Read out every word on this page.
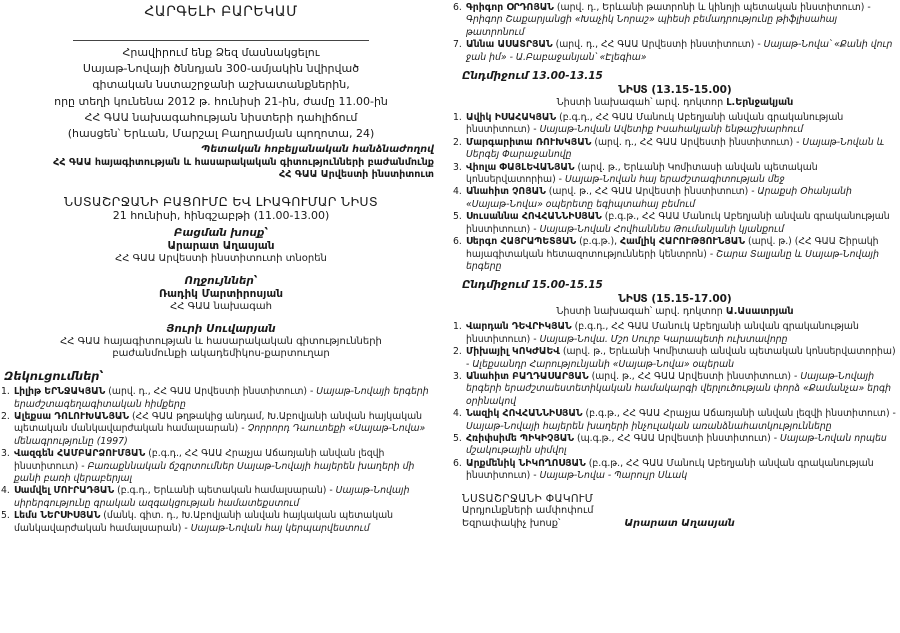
ՀԱՐԳԵԼԻ ԲԱՐԵԿԱՄ
Հրավիրում ենք Ձեզ մասնակցելու
Սայաթ-Նովայի ծննդյան 300-ամյակին նվիրված
գիտական նստաշրջանի աշխատանքներին,
որը տեղի կունենա 2012 թ. հունիսի 21-ին, ժամը 11.00-ին
ՀՀ ԳԱԱ նախագահության նիստերի դահլիճում
(հասցեն՝ Երևան, Մարշալ Բաղրամյան պողոտա, 24)
Պետական հոբելյանական հանձնաժողով
ՀՀ ԳԱԱ հայագիտության և հասարակական գիտությունների բաժանմունք
ՀՀ ԳԱԱ Արվեստի ինստիտուտ
ՆՍՏԱՇՐՋԱՆԻ ԲԱՑՈՒՄԸ ԵՎ ԼԻԱԳՈՒՄԱՐ ՆԻՍՏ
21 հունիսի, հինգշաբթի (11.00-13.00)
Բացման խոսք՝
Արարատ Աղասյան
ՀՀ ԳԱԱ Արվեստի ինստիտուտի տնօրեն
Ողջույններ՝
Ռադիկ Մարտիրոսյան
ՀՀ ԳԱԱ նախագահ
Յուրի Սուվարյան
ՀՀ ԳԱԱ հայագիտության և հասարակական գիտությունների
բաժանմունքի ակադեմիկոս-քարտուղար
Զեկուցումներ՝
1. Լիլիթ ԵՐՆՋԱԿՅԱՆ (արվ. դ., ՀՀ ԳԱԱ Արվեստի ինստիտուտ) - Սայաթ-Նովայի երգերի երաժշտագեղագիտական հիմքերը
2. Ալեքսա ԴՈԼՈՒԽԱՆՅԱՆ (ՀՀ ԳԱԱ թղթակից անդամ, Խ.Աբովյանի անվան հայկական պետական մանկավարժական համալսարան) - Չորրորդ Դաուտեքի «Սայաթ-Նովա» մենագրությունը (1997)
3. Վազգեն ՀԱՄԲԱՐՁՈՒՄՅԱՆ (բ.գ.դ., ՀՀ ԳԱԱ Հրաչյա Աճառյանի անվան լեզվի ինստիտուտ) - Բառաքննական ճշգրտումներ Սայաթ-Նովայի հայերեն խաղերի մի քանի բառի վերաբերյալ
4. Սամվել ՄՈՒՐԱԴՅԱՆ (բ.գ.դ., Երևանի պետական համալսարան) - Սայաթ-Նովայի սիրերգությունը գրական ազգակցության համատեքստում
5. Լեմս ՆԵՐՍԻՍՅԱՆ (մանկ. գիտ. դ., Խ.Աբովյանի անվան հայկական պետական մանկավարժական համալսարան) - Սայաթ-Նովան հայ կերպարվեստում
6. Գրիգոր ՕՐԴՈՅԱՆ (արվ. դ., Երևանի թատրոնի և կինոյի պետական ինստիտուտ) - Գրիգոր Շաքարյանցի «Խաչիկ Նորաշ» պիեսի բեմադրությունը թիֆլիսահայ թատրոնում
7. Աննա ԱՍԱՏՐՅԱՆ (արվ. դ., ՀՀ ԳԱԱ Արվեստի ինստիտուտ) - Սայաթ-Նովա՝ «Քանի վուր ջան իմ» - Ա.Բաբաջանյան՝ «Էլեգիա»
Ընդմիջում 13.00-13.15
ՆԻՍՏ (13.15-15.00)
Նիստի նախագահ՝ արվ. դոկտոր Լ.Երնջակյան
1. Ավիկ ԻՍԱՀԱԿՅԱՆ (բ.գ.դ., ՀՀ ԳԱԱ Մանուկ Աբեղյանի անվան գրականության ինստիտուտ) - Սայաթ-Նովան Ավետիք Իսահակյանի ենթաշխարհում
2. Մարգարիտա ՌՈՒԽԿՅԱՆ (արվ. դ., ՀՀ ԳԱԱ Արվեստի ինստիտուտ) - Սայաթ-Նովան և Սերգեյ Փարաջանովը
3. Վիոլա ՓԱՅԼԵՎԱՆՅԱՆ (արվ. թ., Երևանի Կոմիտասի անվան պետական կոնսերվատորիա) - Սայաթ-Նովան հայ երաժշտագիտության մեջ
4. Անահիտ ՉՈՅԱՆ (արվ. թ., ՀՀ ԳԱԱ Արվեստի ինստիտուտ) - Արաքսի Օհանյանի «Սայաթ-Նովա» օպերետը եգիպտահայ բեմում
5. Սուսաննա ՀՈՎՀԱՆՆԻՍՅԱՆ (բ.գ.թ., ՀՀ ԳԱԱ Մանուկ Աբեղյանի անվան գրականության ինստիտուտ) - Սայաթ-Նովան Հովհաննես Թումանյանի կյանքում
6. Սերգո ՀԱՅՐԱՊԵՏՅԱՆ (բ.գ.թ.), Համլիկ ՀԱՐՈՒԹՅՈՒՆՅԱՆ (արվ. թ.) (ՀՀ ԳԱԱ Շիրակի հայագիտական հետազոտությունների կենտրոն) - Շարա Տալյանը և Սայաթ-Նովայի երգերը
Ընդմիջում 15.00-15.15
ՆԻՍՏ (15.15-17.00)
Նիստի նախագահ՝ արվ. դոկտոր Ա.Ասատրյան
1. Վարդան ԴԵՎՐԻԿՅԱՆ (բ.գ.դ., ՀՀ ԳԱԱ Մանուկ Աբեղյանի անվան գրականության ինստիտուտ) - Սայաթ-Նովա. Մշո Սուրբ Կարապետի ուխտավորը
2. Միխայիլ ԿՈԿԺԱԵՎ (արվ. թ., Երևանի Կոմիտասի անվան պետական կոնսերվատորիա) - Ալեքսանդր Հարությունյանի «Սայաթ-Նովա» օպերան
3. Անահիտ ԲԱՂԴԱՍԱՐՅԱՆ (արվ. թ., ՀՀ ԳԱԱ Արվեստի ինստիտուտ) - Սայաթ-Նովայի երգերի երաժշտաեստետիկական համակարգի վերլուծության փորձ «Քամանչա» երգի օրինակով
4. Նազիկ ՀՈՎՀԱՆՆԻՍՅԱՆ (բ.գ.թ., ՀՀ ԳԱԱ Հրաչյա Աճառյանի անվան լեզվի ինստիտուտ) - Սայաթ-Նովայի հայերեն խաղերի ինչուլական առանձնահատկությունները
5. Հռիփսիմե ՊԻԿԻՉՅԱՆ (պ.գ.թ., ՀՀ ԳԱԱ Արվեստի ինստիտուտ) - Սայաթ-Նովան որպես մշակութային սիմվոլ
6. Արքմենիկ ՆԻԿՈՂՈՍՅԱՆ (բ.գ.թ., ՀՀ ԳԱԱ Մանուկ Աբեղյանի անվան գրականության ինստիտուտ) - Սայաթ-Նովա - Պարույր Սևակ
ՆՍՏԱՇՐՋԱՆԻ ՓԱԿՈՒՄ
Արդյունքների ամփոփում
Եզրափակիչ խոսք՝	Արարատ Աղասյան
